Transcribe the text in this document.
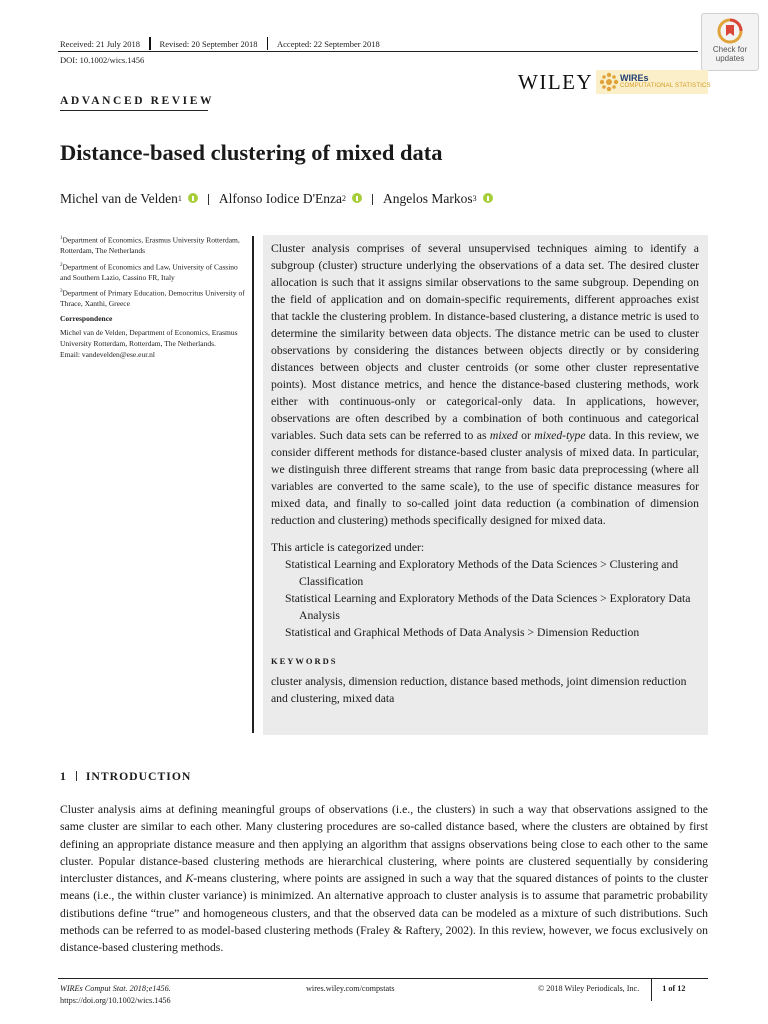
Received: 21 July 2018 Revised: 20 September 2018 Accepted: 22 September 2018
DOI: 10.1002/wics.1456
Check for
updates
WILEY	WIREs
COMPUTATIONAL STATISTICS
ADVANCED REVIEW
Distance-based clustering of mixed data
Michel van de Velden 1	Alfonso Iodice D'Enza 2	Angelos Markos 3

$^1$Department of Economics, Erasmus University Rotterdam, Rotterdam, The Netherlands

$^2$Department of Economics and Law, University of Cassino and Southern Lazio, Cassino FR, Italy

$^3$Department of Primary Education, Democritus University of Thrace, Xanthi, Greece

Correspondence

Michel van de Velden, Department of Economics, Erasmus University Rotterdam, Rotterdam, The Netherlands.

Email: vandevelden@ese.eur.nl

Cluster analysis comprises of several unsupervised techniques aiming to identify a subgroup (cluster) structure underlying the observations of a data set. The desired cluster allocation is such that it assigns similar observations to the same subgroup. Depending on the field of application and on domain-specific requirements, different approaches exist that tackle the clustering problem. In distance-based clustering, a distance metric is used to determine the similarity between data objects. The distance metric can be used to cluster observations by considering the distances between objects directly or by considering distances between objects and cluster centroids (or some other cluster representative points). Most distance metrics, and hence the distance-based clustering methods, work either with continuous-only or categorical-only data. In applications, however, observations are often described by a combination of both continuous and categorical variables. Such data sets can be referred to as mixed or mixed-type data. In this review, we consider different methods for distance-based cluster analysis of mixed data. In particular, we distinguish three different streams that range from basic data preprocessing (where all variables are converted to the same scale), to the use of specific distance measures for mixed data, and finally to so-called joint data reduction (a combination of dimension reduction and clustering) methods specifically designed for mixed data.

This article is categorized under:

Statistical Learning and Exploratory Methods of the Data Sciences > Clustering and Classification
Statistical Learning and Exploratory Methods of the Data Sciences > Exploratory Data Analysis
Statistical and Graphical Methods of Data Analysis > Dimension Reduction
KEYWORDS
cluster analysis, dimension reduction, distance based methods, joint dimension reduction and clustering, mixed data
1 INTRODUCTION

Cluster analysis aims at defining meaningful groups of observations (i.e., the clusters) in such a way that observations assigned to the same cluster are similar to each other. Many clustering procedures are so-called distance based, where the clusters are obtained by first defining an appropriate distance measure and then applying an algorithm that assigns observations being close to each other to the same cluster. Popular distance-based clustering methods are hierarchical clustering, where points are clustered sequentially by considering intercluster distances, and K-means clustering, where points are assigned in such a way that the squared distances of points to the cluster means (i.e., the within cluster variance) is minimized. An alternative approach to cluster analysis is to assume that parametric probability distibutions define “true” and homogeneous clusters, and that the observed data can be modeled as a mixture of such distributions. Such methods can be referred to as model-based clustering methods (Fraley & Raftery, 2002). In this review, however, we focus exclusively on distance-based clustering methods.

WIREs Comput Stat. 2018;e1456.
https://doi.org/10.1002/wics.1456
wires.wiley.com/compstats	© 2018 Wiley Periodicals, Inc.	1 of 12
